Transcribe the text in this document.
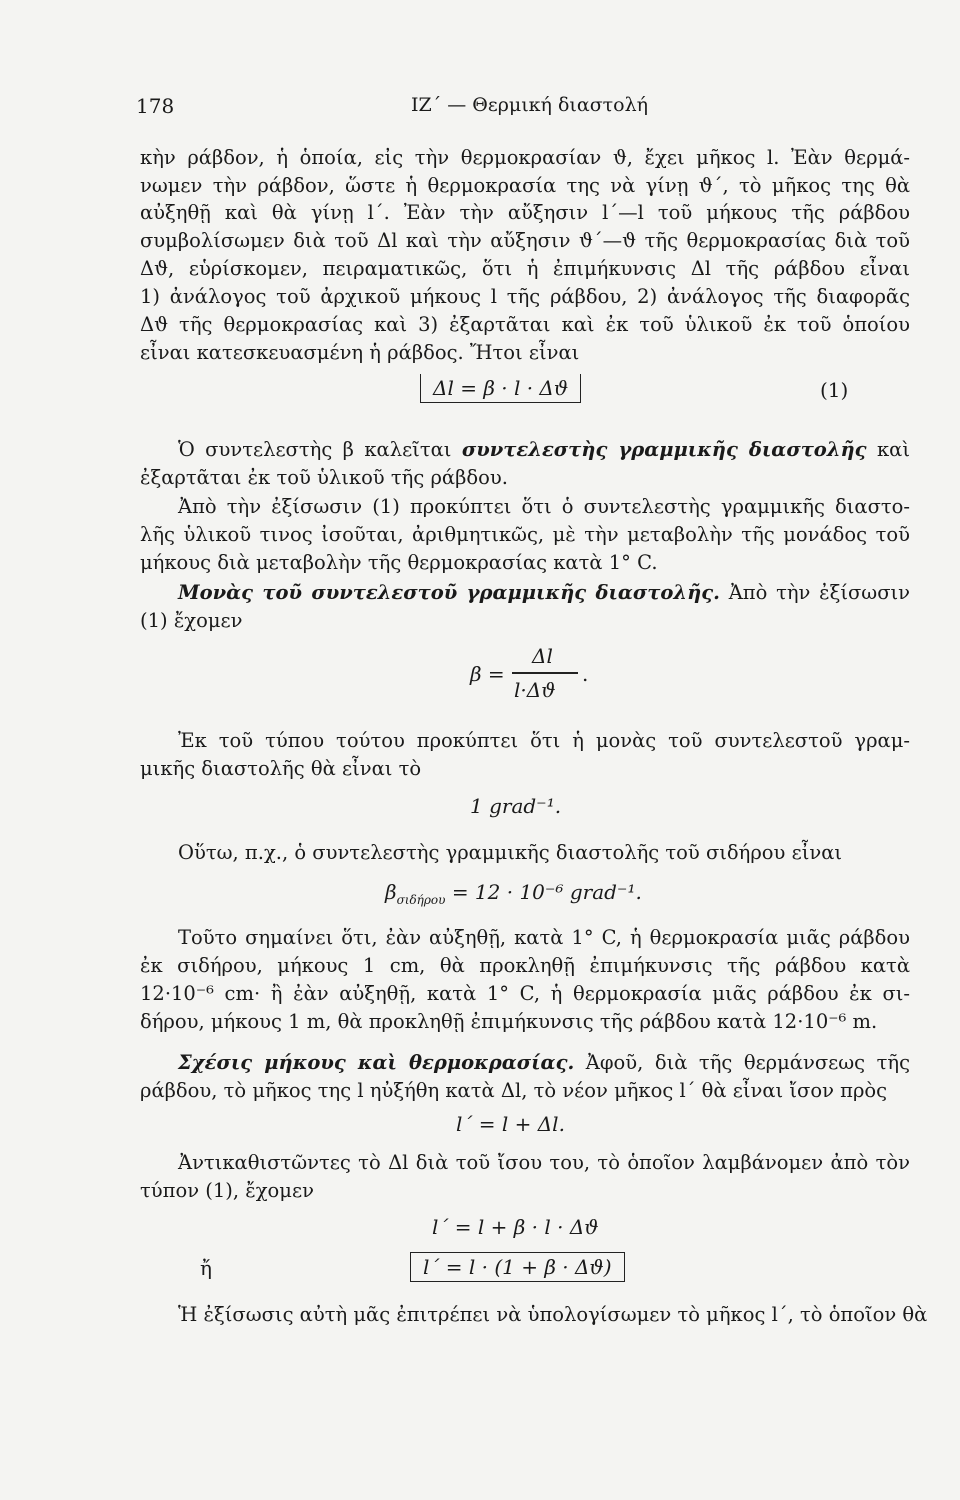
178	ΙΖ΄ — Θερμική διαστολή
κὴν ράβδον, ἡ ὁποία, εἰς τὴν θερμοκρασίαν ϑ, ἔχει μῆκος l. Ἐὰν θερμά-
νωμεν τὴν ράβδον, ὥστε ἡ θερμοκρασία της νὰ γίνῃ ϑ΄, τὸ μῆκος της θὰ
αὐξηθῇ καὶ θὰ γίνῃ l΄. Ἐὰν τὴν αὔξησιν l΄—l τοῦ μήκους τῆς ράβδου
συμβολίσωμεν διὰ τοῦ Δl καὶ τὴν αὔξησιν ϑ΄—ϑ τῆς θερμοκρασίας διὰ τοῦ
Δϑ, εὑρίσκομεν, πειραματικῶς, ὅτι ἡ ἐπιμήκυνσις Δl τῆς ράβδου εἶναι
1) ἀνάλογος τοῦ ἀρχικοῦ μήκους l τῆς ράβδου, 2) ἀνάλογος τῆς διαφορᾶς
Δϑ τῆς θερμοκρασίας καὶ 3) ἐξαρτᾶται καὶ ἐκ τοῦ ὑλικοῦ ἐκ τοῦ ὁποίου
εἶναι κατεσκευασμένη ἡ ράβδος. Ἤτοι εἶναι
Δl = β · l · Δϑ	(1)
Ὁ συντελεστὴς β καλεῖται συντελεστὴς γραμμικῆς διαστολῆς καὶ
ἐξαρτᾶται ἐκ τοῦ ὑλικοῦ τῆς ράβδου.
Ἀπὸ τὴν ἐξίσωσιν (1) προκύπτει ὅτι ὁ συντελεστὴς γραμμικῆς διαστο-
λῆς ὑλικοῦ τινος ἰσοῦται, ἀριθμητικῶς, μὲ τὴν μεταβολὴν τῆς μονάδος τοῦ
μήκους διὰ μεταβολὴν τῆς θερμοκρασίας κατὰ 1° C.
Μονὰς τοῦ συντελεστοῦ γραμμικῆς διαστολῆς. Ἀπὸ τὴν ἐξίσωσιν
(1) ἔχομεν
β =
Δl
l·Δϑ
.
Ἐκ τοῦ τύπου τούτου προκύπτει ὅτι ἡ μονὰς τοῦ συντελεστοῦ γραμ-
μικῆς διαστολῆς θὰ εἶναι τὸ
1 grad⁻¹.
Οὕτω, π.χ., ὁ συντελεστὴς γραμμικῆς διαστολῆς τοῦ σιδήρου εἶναι
$\beta_{\sigma\iota\delta ή\rho o\upsilon} = 12 \cdot 10^{-6}$ grad⁻¹.
Τοῦτο σημαίνει ὅτι, ἐὰν αὐξηθῇ, κατὰ 1° C, ἡ θερμοκρασία μιᾶς ράβδου
ἐκ σιδήρου, μήκους 1 cm, θὰ προκληθῇ ἐπιμήκυνσις τῆς ράβδου κατὰ
12·10⁻⁶ cm· ἢ ἐὰν αὐξηθῇ, κατὰ 1° C, ἡ θερμοκρασία μιᾶς ράβδου ἐκ σι-
δήρου, μήκους 1 m, θὰ προκληθῇ ἐπιμήκυνσις τῆς ράβδου κατὰ 12·10⁻⁶ m.
Σχέσις μήκους καὶ θερμοκρασίας. Ἀφοῦ, διὰ τῆς θερμάνσεως τῆς
ράβδου, τὸ μῆκος της l ηὐξήθη κατὰ Δl, τὸ νέον μῆκος l΄ θὰ εἶναι ἴσον πρὸς
l΄ = l + Δl.
Ἀντικαθιστῶντες τὸ Δl διὰ τοῦ ἴσου του, τὸ ὁποῖον λαμβάνομεν ἀπὸ τὸν
τύπον (1), ἔχομεν
l΄ = l + β · l · Δϑ
ἤ	l΄ = l · (1 + β · Δϑ)
Ἡ ἐξίσωσις αὐτὴ μᾶς ἐπιτρέπει νὰ ὑπολογίσωμεν τὸ μῆκος l΄, τὸ ὁποῖον θὰ
